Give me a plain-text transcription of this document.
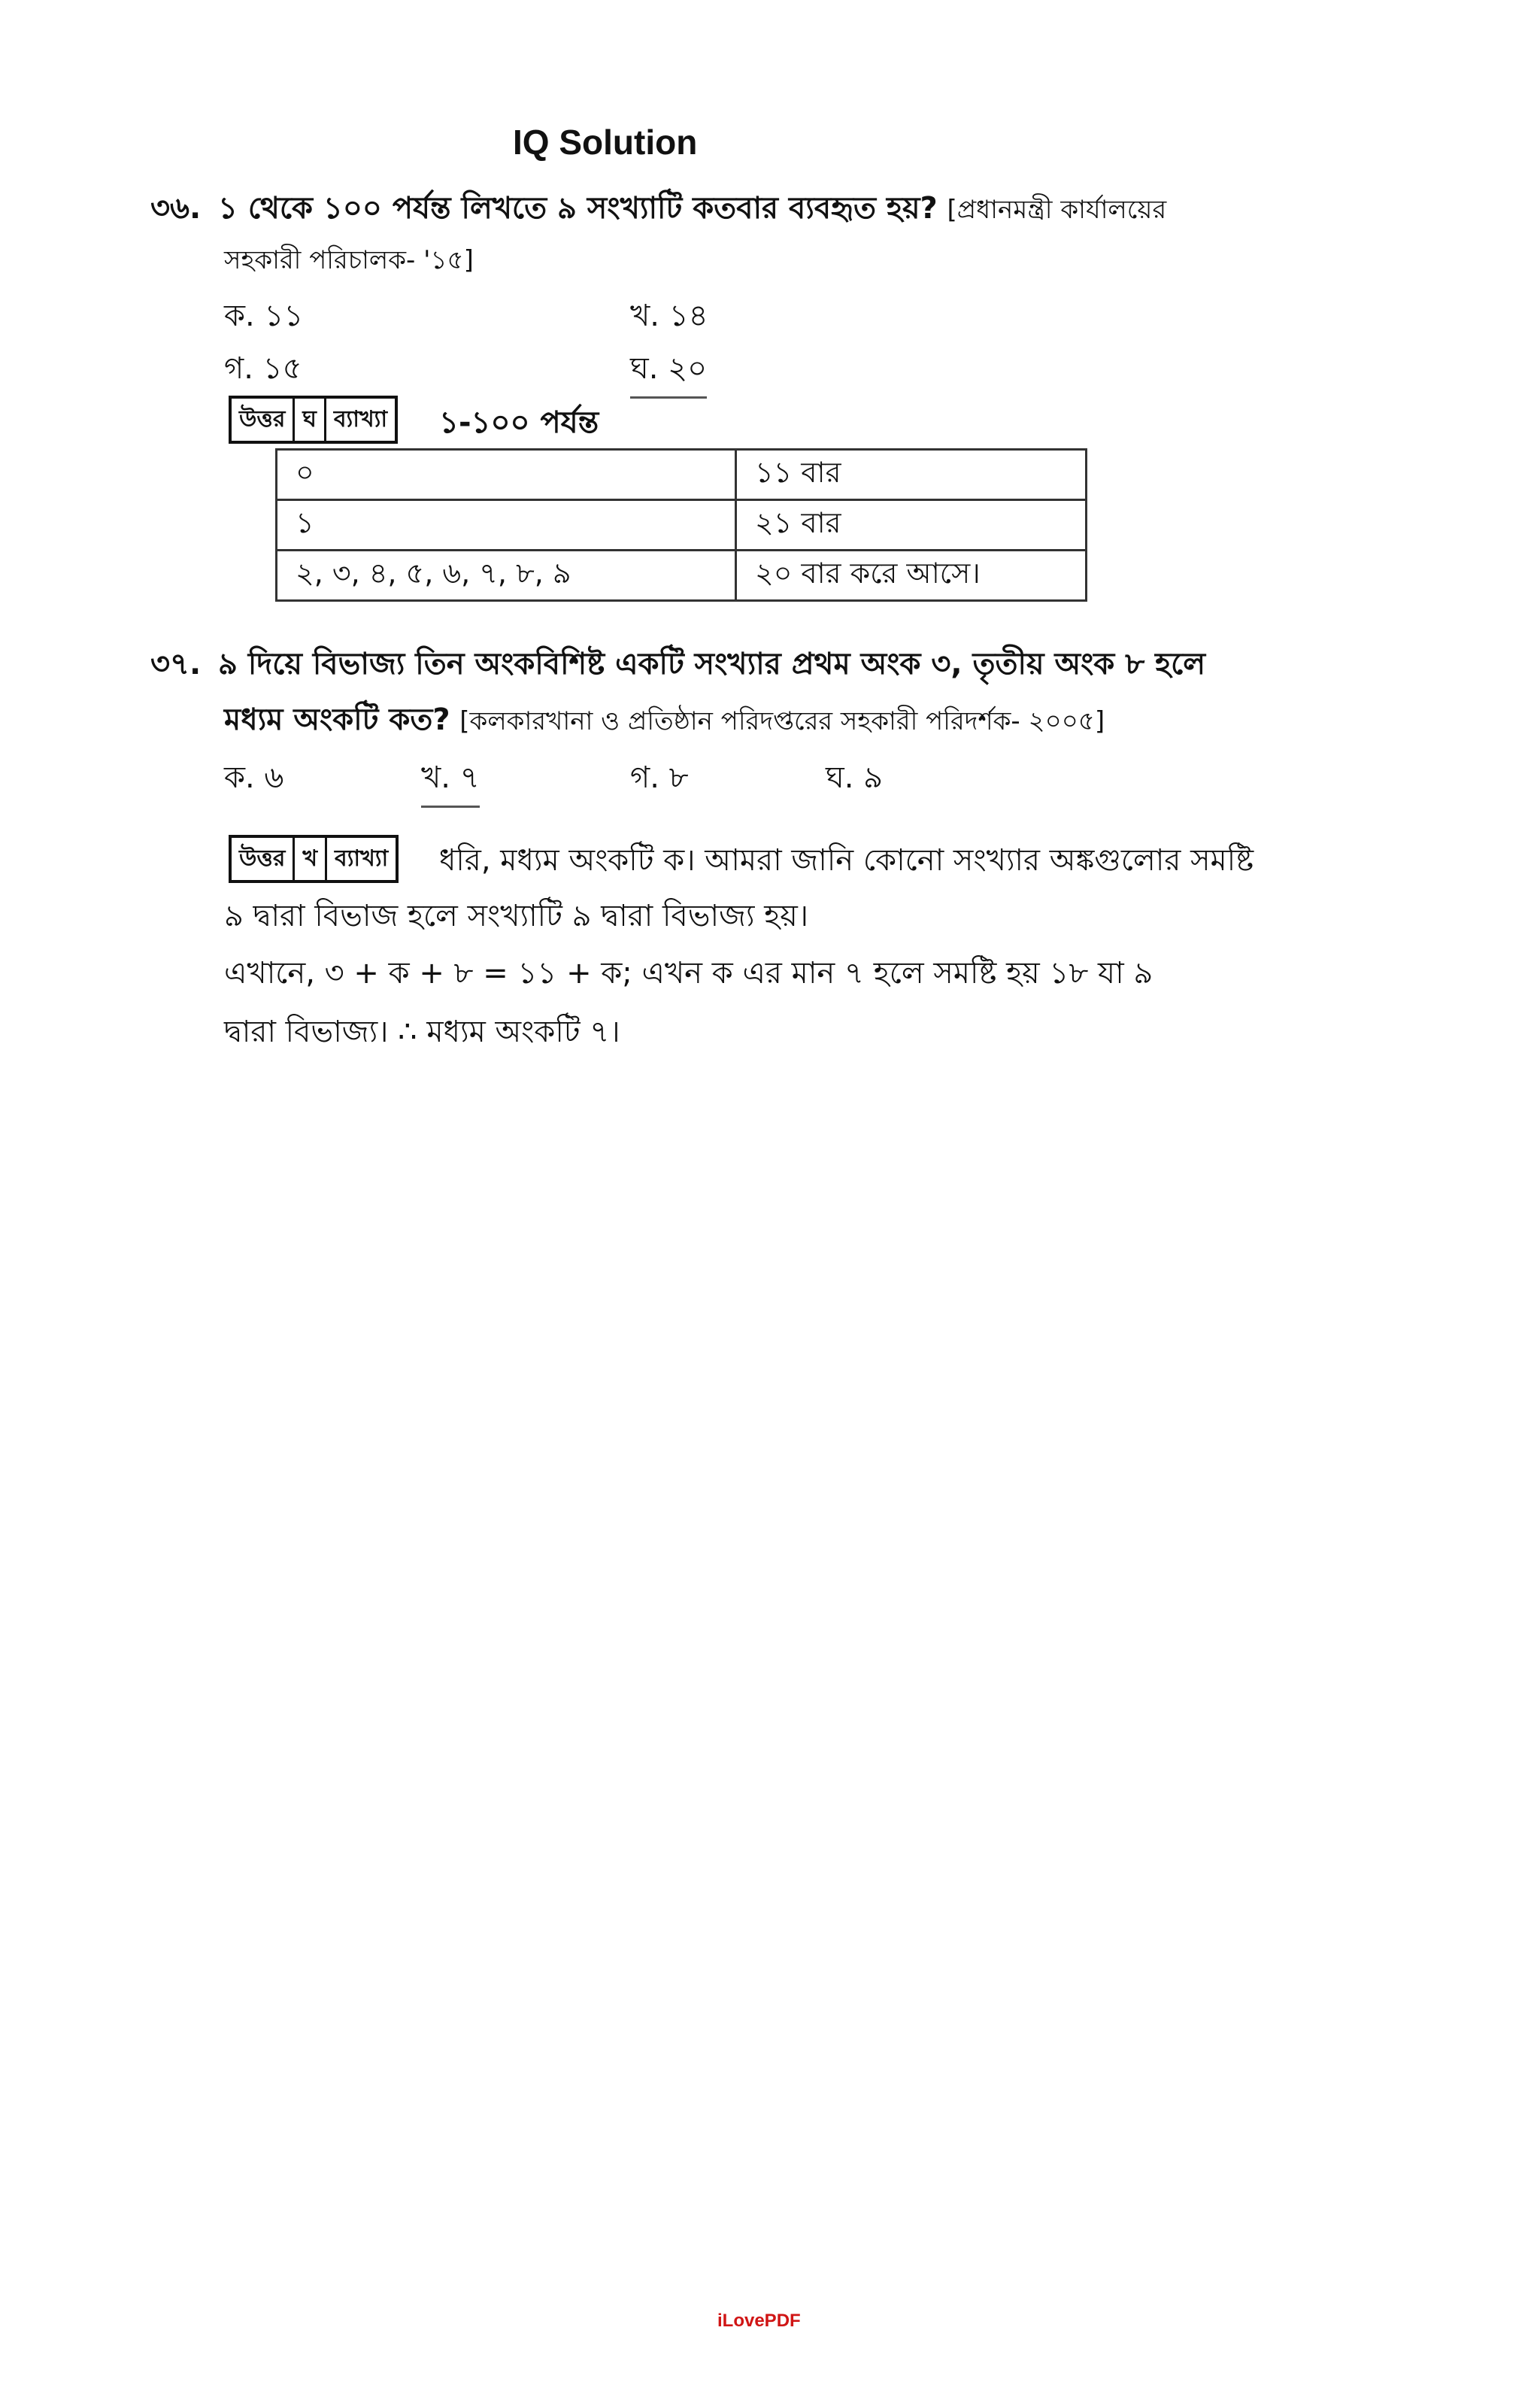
IQ Solution
৩৬. ১ থেকে ১০০ পর্যন্ত লিখতে ৯ সংখ্যাটি কতবার ব্যবহৃত হয়? [প্রধানমন্ত্রী কার্যালয়ের
সহকারী পরিচালক- '১৫]
ক. ১১	খ. ১৪
গ. ১৫	ঘ. ২০
উত্তর ঘ ব্যাখ্যা ১-১০০ পর্যন্ত
০	১১ বার
১	২১ বার
২, ৩, ৪, ৫, ৬, ৭, ৮, ৯	২০ বার করে আসে।
৩৭. ৯ দিয়ে বিভাজ্য তিন অংকবিশিষ্ট একটি সংখ্যার প্রথম অংক ৩, তৃতীয় অংক ৮ হলে
মধ্যম অংকটি কত? [কলকারখানা ও প্রতিষ্ঠান পরিদপ্তরের সহকারী পরিদর্শক- ২০০৫]
ক. ৬	খ. ৭	গ. ৮	ঘ. ৯
উত্তর খ ব্যাখ্যা ধরি, মধ্যম অংকটি ক। আমরা জানি কোনো সংখ্যার অঙ্কগুলোর সমষ্টি
৯ দ্বারা বিভাজ হলে সংখ্যাটি ৯ দ্বারা বিভাজ্য হয়।
এখানে, ৩ + ক + ৮ = ১১ + ক; এখন ক এর মান ৭ হলে সমষ্টি হয় ১৮ যা ৯
দ্বারা বিভাজ্য। ∴ মধ্যম অংকটি ৭।
iLovePDF
